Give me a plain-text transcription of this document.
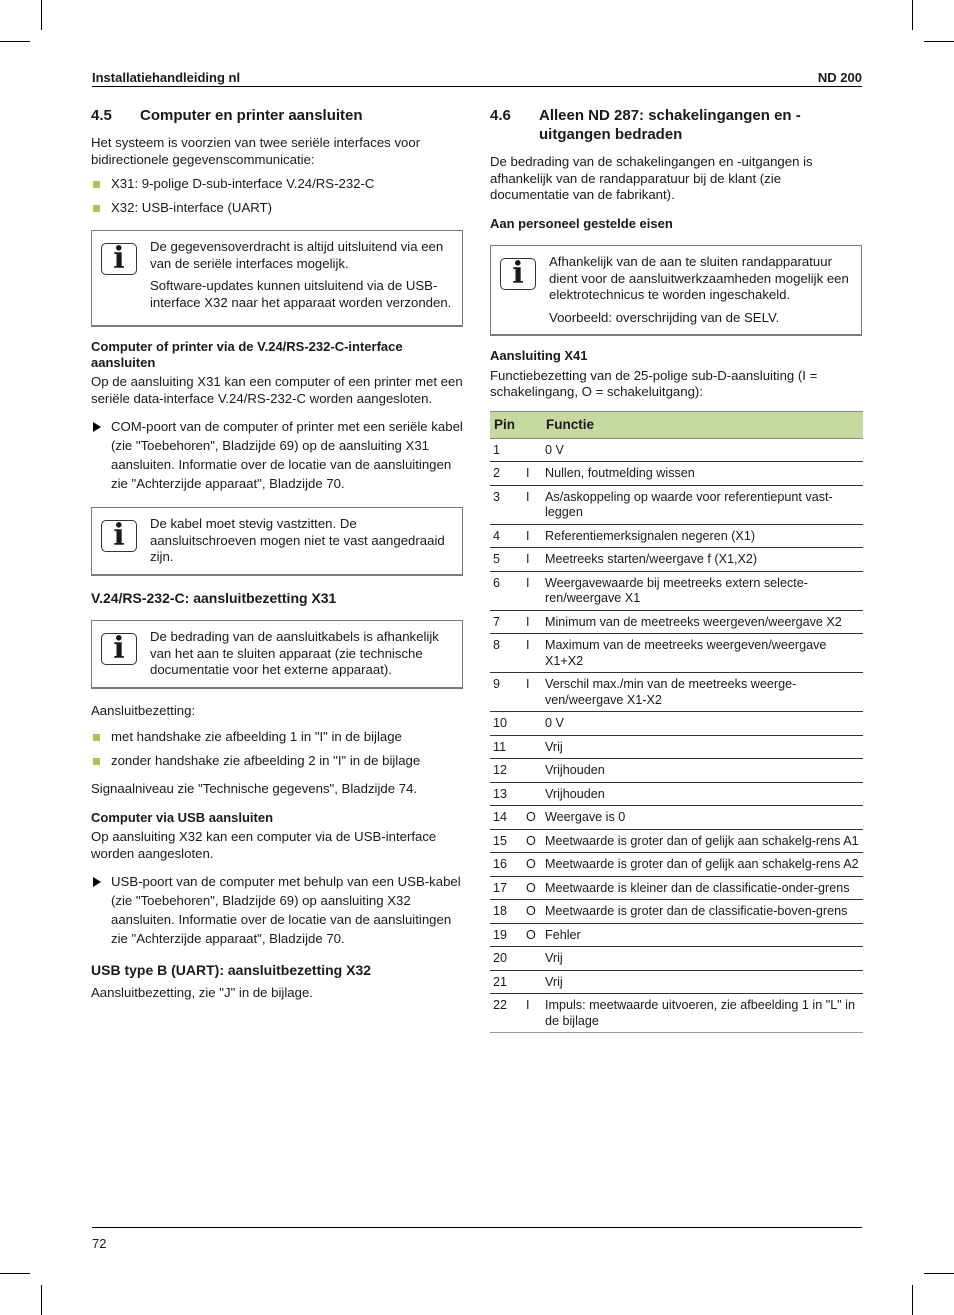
Installatiehandleiding nl	ND 200
4.5	Computer en printer aansluiten

Het systeem is voorzien van twee seriële interfaces voor bidirectionele gegevenscommunicatie:

X31: 9-polige D-sub-interface V.24/RS-232-C
X32: USB-interface (UART)
i	De gegevensoverdracht is altijd uitsluitend via een van de seriële interfaces mogelijk.

Software-updates kunnen uitsluitend via de USB-interface X32 naar het apparaat worden verzonden.

Computer of printer via de V.24/RS-232-C-interface aansluiten

Op de aansluiting X31 kan een computer of een printer met een seriële data-interface V.24/RS-232-C worden aangesloten.

COM-poort van de computer of printer met een seriële kabel (zie "Toebehoren", Bladzijde 69) op de aansluiting X31 aansluiten. Informatie over de locatie van de aansluitingen zie "Achterzijde apparaat", Bladzijde 70.
i	De kabel moet stevig vastzitten. De aansluitschroeven mogen niet te vast aangedraaid zijn.

V.24/RS-232-C: aansluitbezetting X31
i	De bedrading van de aansluitkabels is afhankelijk van het aan te sluiten apparaat (zie technische documentatie voor het externe apparaat).

Aansluitbezetting:

met handshake zie afbeelding 1 in "I" in de bijlage
zonder handshake zie afbeelding 2 in "I" in de bijlage

Signaalniveau zie "Technische gegevens", Bladzijde 74.

Computer via USB aansluiten

Op aansluiting X32 kan een computer via de USB-interface worden aangesloten.

USB-poort van de computer met behulp van een USB-kabel (zie "Toebehoren", Bladzijde 69) op aansluiting X32 aansluiten. Informatie over de locatie van de aansluitingen zie "Achterzijde apparaat", Bladzijde 70.
USB type B (UART): aansluitbezetting X32

Aansluitbezetting, zie "J" in de bijlage.

4.6	Alleen ND 287: schakelingangen en -uitgangen bedraden

De bedrading van de schakelingangen en -uitgangen is afhankelijk van de randapparatuur bij de klant (zie documentatie van de fabrikant).

Aan personeel gestelde eisen
i	Afhankelijk van de aan te sluiten randapparatuur dient voor de aansluitwerkzaamheden mogelijk een elektrotechnicus te worden ingeschakeld.

Voorbeeld: overschrijding van de SELV.

Aansluiting X41

Functiebezetting van de 25-polige sub-D-aansluiting (I = schakelingang, O = schakeluitgang):

Pin		Functie
1		0 V
2	I	Nullen, foutmelding wissen
3	I	As/askoppeling op waarde voor referentiepunt vast-leggen
4	I	Referentiemerksignalen negeren (X1)
5	I	Meetreeks starten/weergave f (X1,X2)
6	I	Weergavewaarde bij meetreeks extern selecte-ren/weergave X1
7	I	Minimum van de meetreeks weergeven/weergave X2
8	I	Maximum van de meetreeks weergeven/weergave X1+X2
9	I	Verschil max./min van de meetreeks weerge-ven/weergave X1-X2
10		0 V
11		Vrij
12		Vrijhouden
13		Vrijhouden
14	O	Weergave is 0
15	O	Meetwaarde is groter dan of gelijk aan schakelg-rens A1
16	O	Meetwaarde is groter dan of gelijk aan schakelg-rens A2
17	O	Meetwaarde is kleiner dan de classificatie-onder-grens
18	O	Meetwaarde is groter dan de classificatie-boven-grens
19	O	Fehler
20		Vrij
21		Vrij
22	I	Impuls: meetwaarde uitvoeren, zie afbeelding 1 in "L" in de bijlage
72
